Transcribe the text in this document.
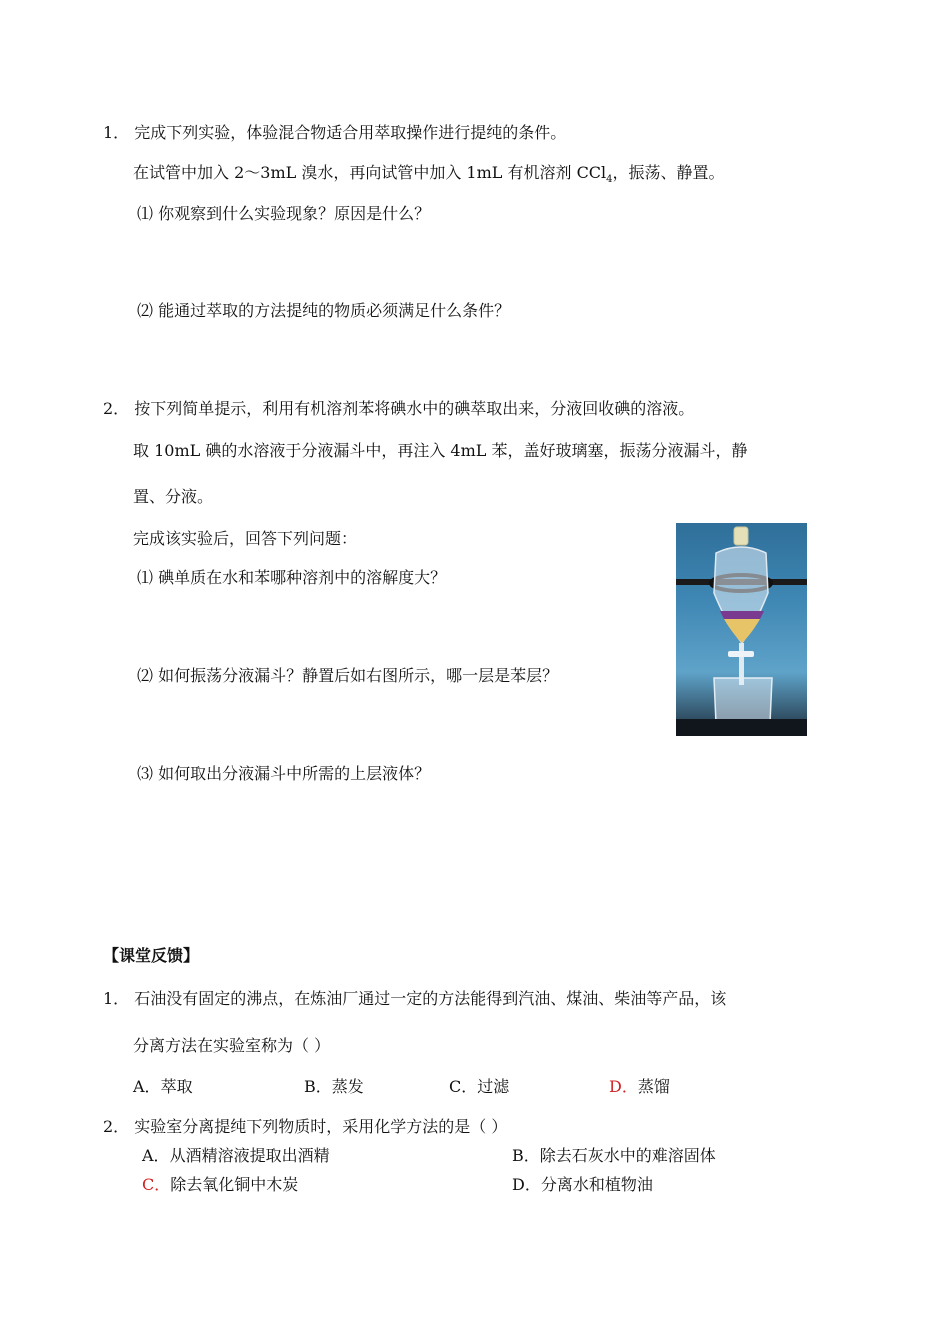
1． 完成下列实验，体验混合物适合用萃取操作进行提纯的条件。
在试管中加入 2～3mL 溴水，再向试管中加入 1mL 有机溶剂 CCl$_4$，振荡、静置。
⑴ 你观察到什么实验现象？原因是什么？
⑵ 能通过萃取的方法提纯的物质必须满足什么条件？
2． 按下列简单提示，利用有机溶剂苯将碘水中的碘萃取出来，分液回收碘的溶液。
取 10mL 碘的水溶液于分液漏斗中，再注入 4mL 苯，盖好玻璃塞，振荡分液漏斗，静
置、分液。
完成该实验后，回答下列问题：
⑴ 碘单质在水和苯哪种溶剂中的溶解度大？
⑵ 如何振荡分液漏斗？静置后如右图所示，哪一层是苯层？
⑶ 如何取出分液漏斗中所需的上层液体？
【课堂反馈】
1． 石油没有固定的沸点，在炼油厂通过一定的方法能得到汽油、煤油、柴油等产品，该
分离方法在实验室称为（ ）
A．萃取	B．蒸发	C．过滤	D．蒸馏
2． 实验室分离提纯下列物质时，采用化学方法的是（ ）
A．从酒精溶液提取出酒精	B．除去石灰水中的难溶固体
C．除去氧化铜中木炭	D．分离水和植物油
